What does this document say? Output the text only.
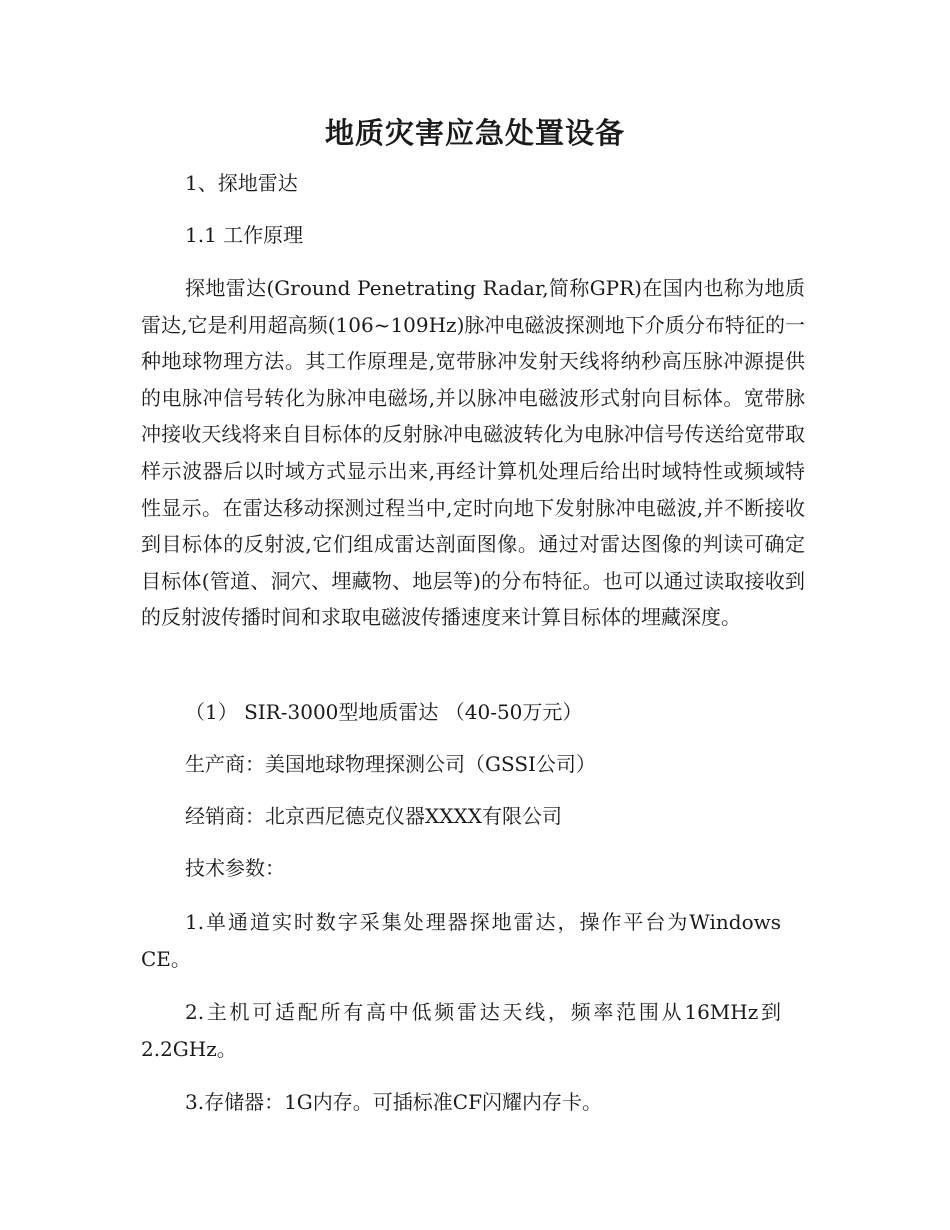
地质灾害应急处置设备

1、探地雷达

1.1 工作原理

探地雷达(Ground Penetrating Radar,简称GPR)在国内也称为地质雷达,它是利用超高频(106~109Hz)脉冲电磁波探测地下介质分布特征的一种地球物理方法。其工作原理是,宽带脉冲发射天线将纳秒高压脉冲源提供的电脉冲信号转化为脉冲电磁场,并以脉冲电磁波形式射向目标体。宽带脉冲接收天线将来自目标体的反射脉冲电磁波转化为电脉冲信号传送给宽带取样示波器后以时域方式显示出来,再经计算机处理后给出时域特性或频域特性显示。在雷达移动探测过程当中,定时向地下发射脉冲电磁波,并不断接收到目标体的反射波,它们组成雷达剖面图像。通过对雷达图像的判读可确定目标体(管道、洞穴、埋藏物、地层等)的分布特征。也可以通过读取接收到的反射波传播时间和求取电磁波传播速度来计算目标体的埋藏深度。

（1） SIR-3000型地质雷达 （40-50万元）

生产商：美国地球物理探测公司（GSSI公司）

经销商：北京西尼德克仪器XXXX有限公司

技术参数：

1.单通道实时数字采集处理器探地雷达，操作平台为Windows CE。

2.主机可适配所有高中低频雷达天线，频率范围从16MHz到2.2GHz。

3.存储器：1G内存。可插标准CF闪耀内存卡。
